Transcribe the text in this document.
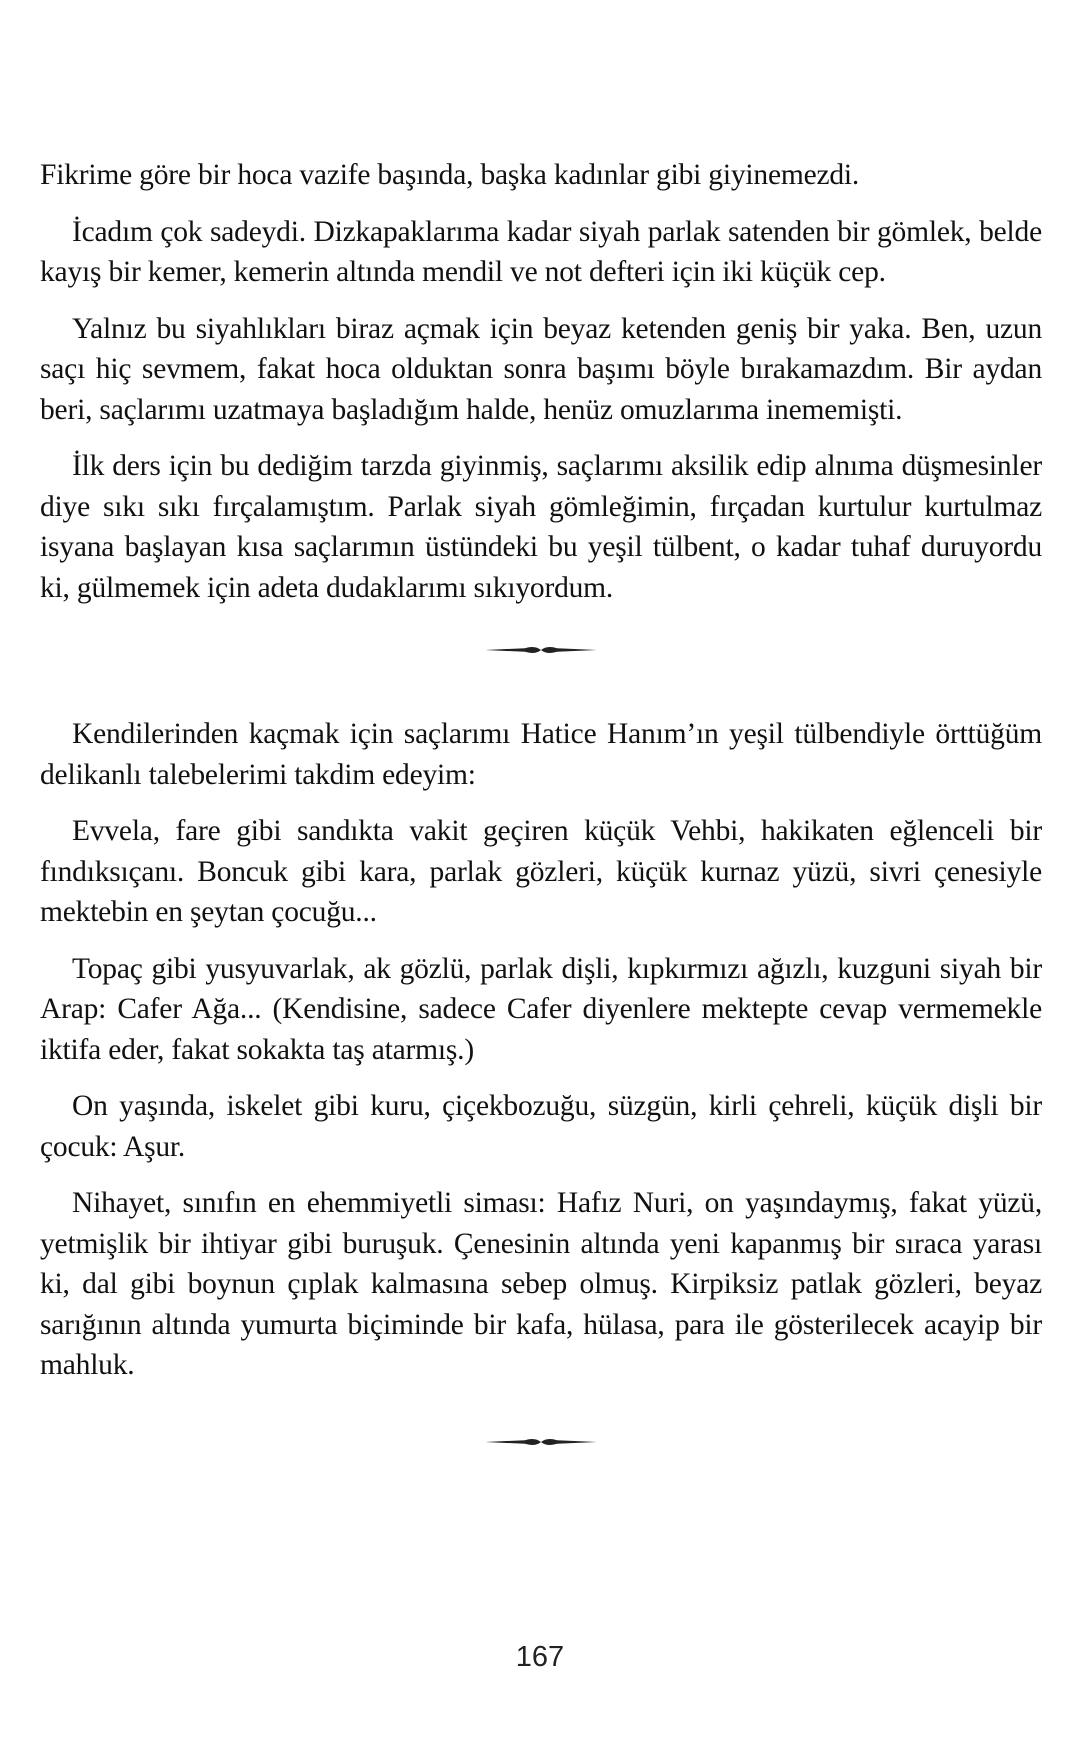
Fikrime göre bir hoca vazife başında, başka kadınlar gibi giyinemezdi.

İcadım çok sadeydi. Dizkapaklarıma kadar siyah parlak satenden bir gömlek, belde kayış bir kemer, kemerin altında mendil ve not defteri için iki küçük cep.

Yalnız bu siyahlıkları biraz açmak için beyaz ketenden geniş bir yaka. Ben, uzun saçı hiç sevmem, fakat hoca olduktan sonra başımı böyle bırakamazdım. Bir aydan beri, saçlarımı uzatmaya başladığım halde, henüz omuzlarıma inememişti.

İlk ders için bu dediğim tarzda giyinmiş, saçlarımı aksilik edip alnıma düşmesinler diye sıkı sıkı fırçalamıştım. Parlak siyah gömleğimin, fırçadan kurtulur kurtulmaz isyana başlayan kısa saçlarımın üstündeki bu yeşil tülbent, o kadar tuhaf duruyordu ki, gülmemek için adeta dudaklarımı sıkıyordum.

Kendilerinden kaçmak için saçlarımı Hatice Hanım’ın yeşil tülbendiyle örttüğüm delikanlı talebelerimi takdim edeyim:

Evvela, fare gibi sandıkta vakit geçiren küçük Vehbi, hakikaten eğlenceli bir fındıksıçanı. Boncuk gibi kara, parlak gözleri, küçük kurnaz yüzü, sivri çenesiyle mektebin en şeytan çocuğu...

Topaç gibi yusyuvarlak, ak gözlü, parlak dişli, kıpkırmızı ağızlı, kuzguni siyah bir Arap: Cafer Ağa... (Kendisine, sadece Cafer diyenlere mektepte cevap vermemekle iktifa eder, fakat sokakta taş atarmış.)

On yaşında, iskelet gibi kuru, çiçekbozuğu, süzgün, kirli çehreli, küçük dişli bir çocuk: Aşur.

Nihayet, sınıfın en ehemmiyetli siması: Hafız Nuri, on yaşındaymış, fakat yüzü, yetmişlik bir ihtiyar gibi buruşuk. Çenesinin altında yeni kapanmış bir sıraca yarası ki, dal gibi boynun çıplak kalmasına sebep olmuş. Kirpiksiz patlak gözleri, beyaz sarığının altında yumurta biçiminde bir kafa, hülasa, para ile gösterilecek acayip bir mahluk.

167
